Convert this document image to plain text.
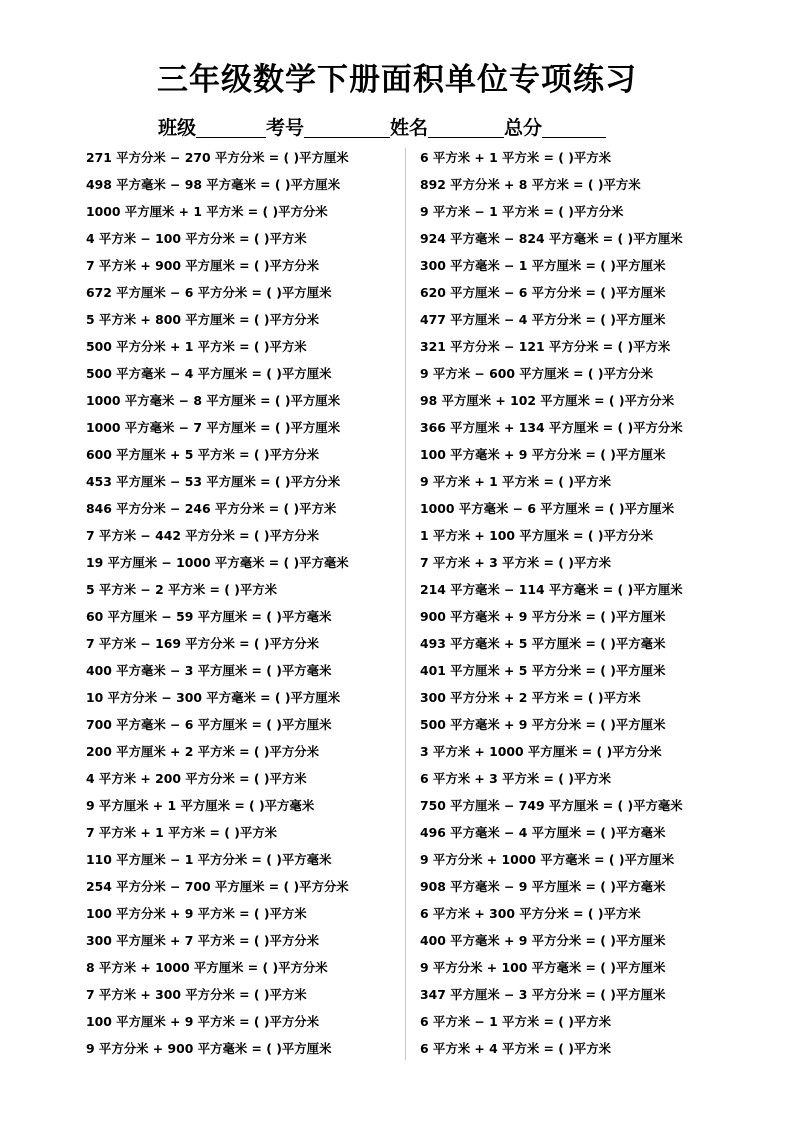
三年级数学下册面积单位专项练习
班级	考号	姓名	总分
271 平方分米 − 270 平方分米 = ( )平方厘米
498 平方毫米 − 98 平方毫米 = ( )平方厘米
1000 平方厘米 + 1 平方米 = ( )平方分米
4 平方米 − 100 平方分米 = ( )平方米
7 平方米 + 900 平方厘米 = ( )平方分米
672 平方厘米 − 6 平方分米 = ( )平方厘米
5 平方米 + 800 平方厘米 = ( )平方分米
500 平方分米 + 1 平方米 = ( )平方米
500 平方毫米 − 4 平方厘米 = ( )平方厘米
1000 平方毫米 − 8 平方厘米 = ( )平方厘米
1000 平方毫米 − 7 平方厘米 = ( )平方厘米
600 平方厘米 + 5 平方米 = ( )平方分米
453 平方厘米 − 53 平方厘米 = ( )平方分米
846 平方分米 − 246 平方分米 = ( )平方米
7 平方米 − 442 平方分米 = ( )平方分米
19 平方厘米 − 1000 平方毫米 = ( )平方毫米
5 平方米 − 2 平方米 = ( )平方米
60 平方厘米 − 59 平方厘米 = ( )平方毫米
7 平方米 − 169 平方分米 = ( )平方分米
400 平方毫米 − 3 平方厘米 = ( )平方毫米
10 平方分米 − 300 平方毫米 = ( )平方厘米
700 平方毫米 − 6 平方厘米 = ( )平方厘米
200 平方厘米 + 2 平方米 = ( )平方分米
4 平方米 + 200 平方分米 = ( )平方米
9 平方厘米 + 1 平方厘米 = ( )平方毫米
7 平方米 + 1 平方米 = ( )平方米
110 平方厘米 − 1 平方分米 = ( )平方毫米
254 平方分米 − 700 平方厘米 = ( )平方分米
100 平方分米 + 9 平方米 = ( )平方米
300 平方厘米 + 7 平方米 = ( )平方分米
8 平方米 + 1000 平方厘米 = ( )平方分米
7 平方米 + 300 平方分米 = ( )平方米
100 平方厘米 + 9 平方米 = ( )平方分米
9 平方分米 + 900 平方毫米 = ( )平方厘米
6 平方米 + 1 平方米 = ( )平方米
892 平方分米 + 8 平方米 = ( )平方米
9 平方米 − 1 平方米 = ( )平方分米
924 平方毫米 − 824 平方毫米 = ( )平方厘米
300 平方毫米 − 1 平方厘米 = ( )平方厘米
620 平方厘米 − 6 平方分米 = ( )平方厘米
477 平方厘米 − 4 平方分米 = ( )平方厘米
321 平方分米 − 121 平方分米 = ( )平方米
9 平方米 − 600 平方厘米 = ( )平方分米
98 平方厘米 + 102 平方厘米 = ( )平方分米
366 平方厘米 + 134 平方厘米 = ( )平方分米
100 平方毫米 + 9 平方分米 = ( )平方厘米
9 平方米 + 1 平方米 = ( )平方米
1000 平方毫米 − 6 平方厘米 = ( )平方厘米
1 平方米 + 100 平方厘米 = ( )平方分米
7 平方米 + 3 平方米 = ( )平方米
214 平方毫米 − 114 平方毫米 = ( )平方厘米
900 平方毫米 + 9 平方分米 = ( )平方厘米
493 平方毫米 + 5 平方厘米 = ( )平方毫米
401 平方厘米 + 5 平方分米 = ( )平方厘米
300 平方分米 + 2 平方米 = ( )平方米
500 平方毫米 + 9 平方分米 = ( )平方厘米
3 平方米 + 1000 平方厘米 = ( )平方分米
6 平方米 + 3 平方米 = ( )平方米
750 平方厘米 − 749 平方厘米 = ( )平方毫米
496 平方毫米 − 4 平方厘米 = ( )平方毫米
9 平方分米 + 1000 平方毫米 = ( )平方厘米
908 平方毫米 − 9 平方厘米 = ( )平方毫米
6 平方米 + 300 平方分米 = ( )平方米
400 平方毫米 + 9 平方分米 = ( )平方厘米
9 平方分米 + 100 平方毫米 = ( )平方厘米
347 平方厘米 − 3 平方分米 = ( )平方厘米
6 平方米 − 1 平方米 = ( )平方米
6 平方米 + 4 平方米 = ( )平方米
